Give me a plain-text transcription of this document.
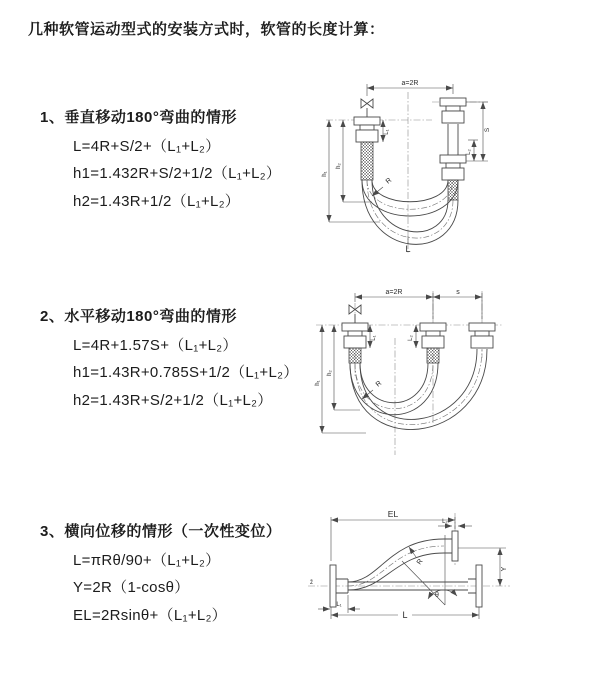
几种软管运动型式的安装方式时，软管的长度计算：
1、垂直移动180°弯曲的情形
L=4R+S/2+（L₁+L₂）
h1=1.432R+S/2+1/2（L₁+L₂）
h2=1.43R+1/2（L₁+L₂）
2、水平移动180°弯曲的情形
L=4R+1.57S+（L₁+L₂）
h1=1.43R+0.785S+1/2（L₁+L₂）
h2=1.43R+S/2+1/2（L₁+L₂）
3、横向位移的情形（一次性变位）
L=πRθ/90+（L₁+L₂）
Y=2R（1-cosθ）
EL=2Rsinθ+（L₁+L₂）
a=2R
R
h₁
h₂
L₁	S
L₂
L
a=2R	s
R
h₁
h₂
L₁	L₂
z̄
EL
L₂
Y
θ
R
L₁
L
